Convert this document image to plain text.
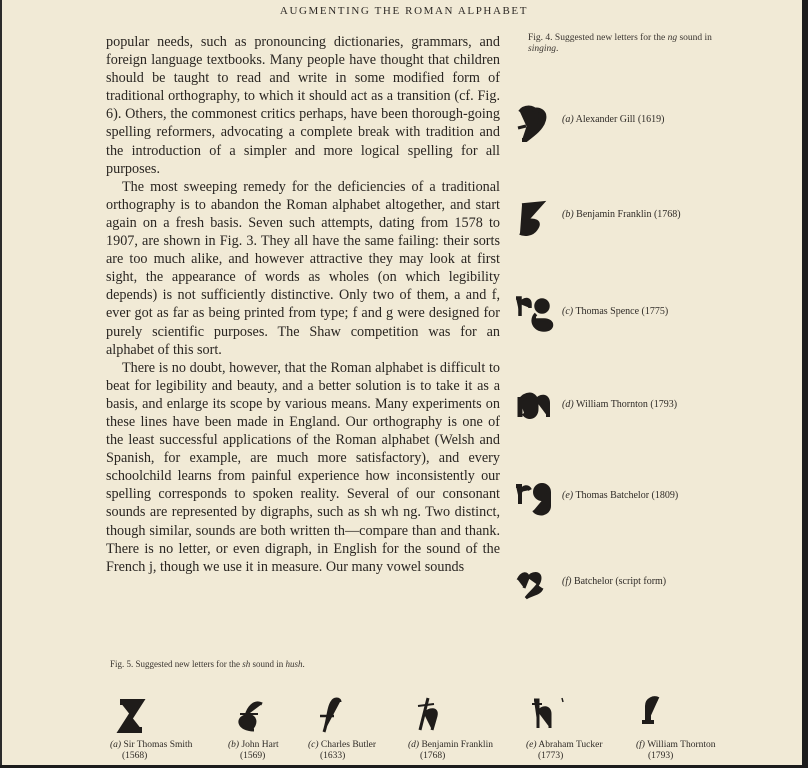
AUGMENTING THE ROMAN ALPHABET

popular needs, such as pronouncing dictionaries, grammars, and foreign language textbooks. Many people have thought that children should be taught to read and write in some modified form of traditional orthography, to which it should act as a transition (cf. Fig. 6). Others, the commonest critics perhaps, have been thorough-going spelling reformers, advocating a complete break with tradition and the introduction of a simpler and more logical spelling for all purposes.

The most sweeping remedy for the deficiencies of a traditional orthography is to abandon the Roman alphabet altogether, and start again on a fresh basis. Seven such attempts, dating from 1578 to 1907, are shown in Fig. 3. They all have the same failing: their sorts are too much alike, and however attractive they may look at first sight, the appearance of words as wholes (on which legibility depends) is not sufficiently distinctive. Only two of them, a and f, ever got as far as being printed from type; f and g were designed for purely scientific purposes. The Shaw competition was for an alphabet of this sort.

There is no doubt, however, that the Roman alphabet is difficult to beat for legibility and beauty, and a better solution is to take it as a basis, and enlarge its scope by various means. Many experiments on these lines have been made in England. Our orthography is one of the least successful applications of the Roman alphabet (Welsh and Spanish, for example, are much more satisfactory), and every schoolchild learns from painful experience how inconsistently our spelling corresponds to spoken reality. Several of our consonant sounds are represented by digraphs, such as sh wh ng. Two distinct, though similar, sounds are both written th—compare than and thank. There is no letter, or even digraph, in English for the sound of the French j, though we use it in measure. Our many vowel sounds

Fig. 4. Suggested new letters for the ng sound in singing.
(a) Alexander Gill (1619)
(b) Benjamin Franklin (1768)
(c) Thomas Spence (1775)
(d) William Thornton (1793)
(e) Thomas Batchelor (1809)
(f) Batchelor (script form)
Fig. 5. Suggested new letters for the sh sound in hush.
(a) Sir Thomas Smith
(1568)
(b) John Hart
(1569)
(c) Charles Butler
(1633)
(d) Benjamin Franklin
(1768)
(e) Abraham Tucker
(1773)
(f) William Thornton
(1793)
